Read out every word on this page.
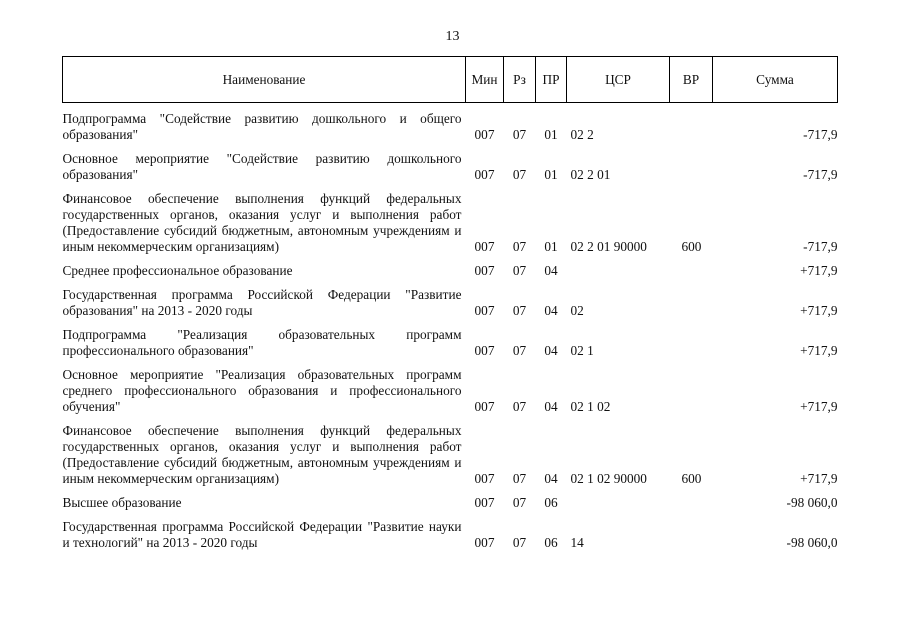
13
Наименование	Мин	Рз	ПР	ЦСР	ВР	Сумма
Подпрограмма "Содействие развитию дошкольного и общего образования"	007	07	01	02 2		-717,9
Основное мероприятие "Содействие развитию дошкольного образования"	007	07	01	02 2 01		-717,9
Финансовое обеспечение выполнения функций федеральных государственных органов, оказания услуг и выполнения работ (Предоставление субсидий бюджетным, автономным учреждениям и иным некоммерческим организациям)	007	07	01	02 2 01 90000	600	-717,9
Среднее профессиональное образование	007	07	04			+717,9
Государственная программа Российской Федерации "Развитие образования" на 2013 - 2020 годы	007	07	04	02		+717,9
Подпрограмма "Реализация образовательных программ профессионального образования"	007	07	04	02 1		+717,9
Основное мероприятие "Реализация образовательных программ среднего профессионального образования и профессионального обучения"	007	07	04	02 1 02		+717,9
Финансовое обеспечение выполнения функций федеральных государственных органов, оказания услуг и выполнения работ (Предоставление субсидий бюджетным, автономным учреждениям и иным некоммерческим организациям)	007	07	04	02 1 02 90000	600	+717,9
Высшее образование	007	07	06			-98 060,0
Государственная программа Российской Федерации "Развитие науки и технологий" на 2013 - 2020 годы	007	07	06	14		-98 060,0
